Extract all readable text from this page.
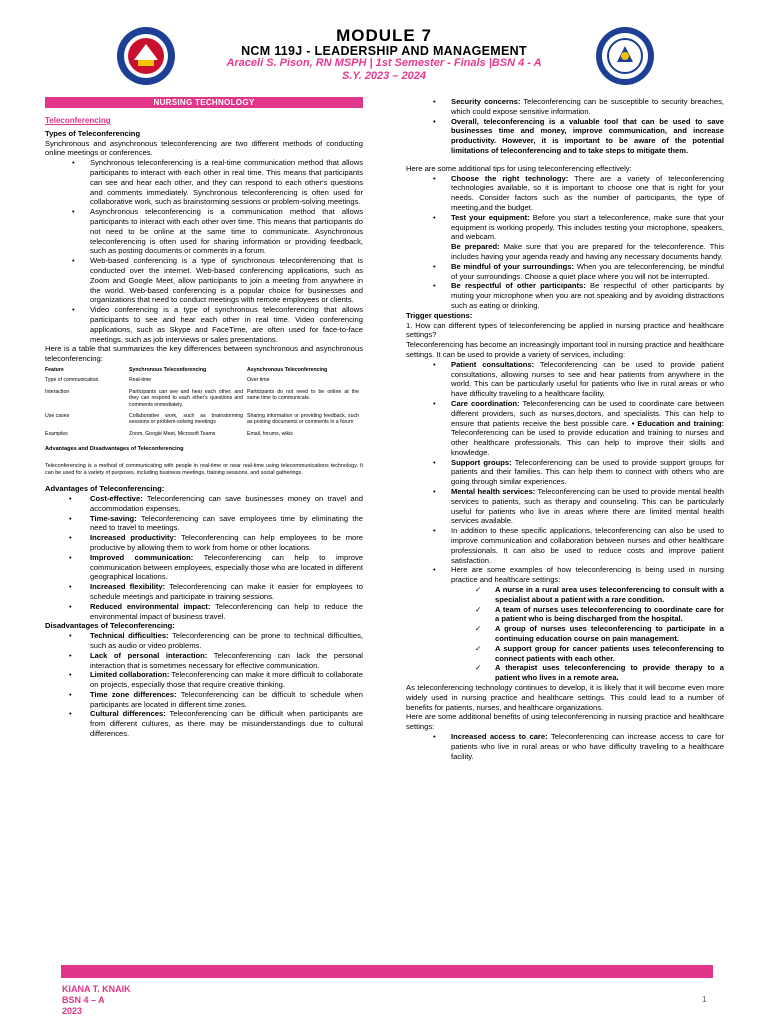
MODULE 7
NCM 119J - LEADERSHIP AND MANAGEMENT
Araceli S. Pison, RN MSPH | 1st Semester - Finals |BSN 4 - A
S.Y. 2023 – 2024
NURSING TECHNOLOGY
Teleconferencing

Types of Teleconferencing

Synchronous and asynchronous teleconferencing are two different methods of conducting online meetings or conferences.

• Synchronous teleconferencing is a real-time communication method that allows participants to interact with each other in real time. This means that participants can see and hear each other, and they can respond to each other's questions and comments immediately. Synchronous teleconferencing is often used for collaborative work, such as brainstorming sessions or problem-solving meetings.
• Asynchronous teleconferencing is a communication method that allows participants to interact with each other over time. This means that participants do not need to be online at the same time to communicate. Asynchronous teleconferencing is often used for sharing information or providing feedback, such as posting documents or comments in a forum.
• Web-based conferencing is a type of synchronous teleconferencing that is conducted over the internet. Web-based conferencing applications, such as Zoom and Google Meet, allow participants to join a meeting from anywhere in the world. Web-based conferencing is a popular choice for businesses and organizations that need to conduct meetings with remote employees or clients.
• Video conferencing is a type of synchronous teleconferencing that allows participants to see and hear each other in real time. Video conferencing applications, such as Skype and FaceTime, are often used for face-to-face meetings, such as job interviews or sales presentations.

Here is a table that summarizes the key differences between synchronous and asynchronous teleconferencing:

Feature	Synchronous Teleconferencing	Asynchronous Teleconferencing
Type of communication	Real-time	Over time
Interaction	Participants can see and hear each other, and they can respond to each other's questions and comments immediately.	Participants do not need to be online at the same time to communicate.
Use cases	Collaborative work, such as brainstorming sessions or problem-solving meetings	Sharing information or providing feedback, such as posting documents or comments in a forum
Examples	Zoom, Google Meet, Microsoft Teams	Email, forums, wikis
Advantages and Disadvantages of Teleconferencing
Teleconferencing is a method of communicating with people in real-time or near real-time using telecommunications technology. It can be used for a variety of purposes, including business meetings, training sessions, and social gatherings.

Advantages of Teleconferencing:

• Cost-effective: Teleconferencing can save businesses money on travel and accommodation expenses.
• Time-saving: Teleconferencing can save employees time by eliminating the need to travel to meetings.
• Increased productivity: Teleconferencing can help employees to be more productive by allowing them to work from home or other locations.
• Improved communication: Teleconferencing can help to improve communication between employees, especially those who are located in different geographical locations.
• Increased flexibility: Teleconferencing can make it easier for employees to schedule meetings and participate in training sessions.
• Reduced environmental impact: Teleconferencing can help to reduce the environmental impact of business travel.

Disadvantages of Teleconferencing:

• Technical difficulties: Teleconferencing can be prone to technical difficulties, such as audio or video problems.
• Lack of personal interaction: Teleconferencing can lack the personal interaction that is sometimes necessary for effective communication.
• Limited collaboration: Teleconferencing can make it more difficult to collaborate on projects, especially those that require creative thinking.
• Time zone differences: Teleconferencing can be difficult to schedule when participants are located in different time zones.
• Cultural differences: Teleconferencing can be difficult when participants are from different cultures, as there may be misunderstandings due to cultural differences.
• Security concerns: Teleconferencing can be susceptible to security breaches, which could expose sensitive information.
• Overall, teleconferencing is a valuable tool that can be used to save businesses time and money, improve communication, and increase productivity. However, it is important to be aware of the potential limitations of teleconferencing and to take steps to mitigate them.

Here are some additional tips for using teleconferencing effectively:

• Choose the right technology: There are a variety of teleconferencing technologies available, so it is important to choose one that is right for your needs. Consider factors such as the number of participants, the type of meeting,and the budget.
• Test your equipment: Before you start a teleconference, make sure that your equipment is working properly. This includes testing your microphone, speakers, and webcam.
Be prepared: Make sure that you are prepared for the teleconference. This includes having your agenda ready and having any necessary documents handy.
• Be mindful of your surroundings: When you are teleconferencing, be mindful of your surroundings. Choose a quiet place where you will not be interrupted.
• Be respectful of other participants: Be respectful of other participants by muting your microphone when you are not speaking and by avoiding distractions such as eating or drinking.

Trigger questions:

1. How can different types of teleconferencing be applied in nursing practice and healthcare settings?

Teleconferencing has become an increasingly important tool in nursing practice and healthcare settings. It can be used to provide a variety of services, including:

• Patient consultations: Teleconferencing can be used to provide patient consultations, allowing nurses to see and hear patients from anywhere in the world. This can be particularly useful for patients who live in rural areas or who have difficulty traveling to a healthcare facility.
• Care coordination: Teleconferencing can be used to coordinate care between different providers, such as nurses,doctors, and specialists. This can help to ensure that patients receive the best possible care. • Education and training: Teleconferencing can be used to provide education and training to nurses and other healthcare professionals. This can help to improve their skills and knowledge.
• Support groups: Teleconferencing can be used to provide support groups for patients and their families. This can help them to connect with others who are going through similar experiences.
• Mental health services: Teleconferencing can be used to provide mental health services to patients, such as therapy and counseling. This can be particularly useful for patients who live in areas where there are limited mental health services available.
• In addition to these specific applications, teleconferencing can also be used to improve communication and collaboration between nurses and other healthcare professionals. It can also be used to reduce costs and improve patient satisfaction.
• Here are some examples of how teleconferencing is being used in nursing practice and healthcare settings:
✓ A nurse in a rural area uses teleconferencing to consult with a specialist about a patient with a rare condition.
✓ A team of nurses uses teleconferencing to coordinate care for a patient who is being discharged from the hospital.
✓ A group of nurses uses teleconferencing to participate in a continuing education course on pain management.
✓ A support group for cancer patients uses teleconferencing to connect patients with each other.
✓ A therapist uses teleconferencing to provide therapy to a patient who lives in a remote area.

As teleconferencing technology continues to develop, it is likely that it will become even more widely used in nursing practice and healthcare settings. This could lead to a number of benefits for patients, nurses, and healthcare organizations.

Here are some additional benefits of using teleconferencing in nursing practice and healthcare settings:

• Increased access to care: Teleconferencing can increase access to care for patients who live in rural areas or who have difficulty traveling to a healthcare facility.
KIANA T. KNAIK
BSN 4 – A
2023
1
